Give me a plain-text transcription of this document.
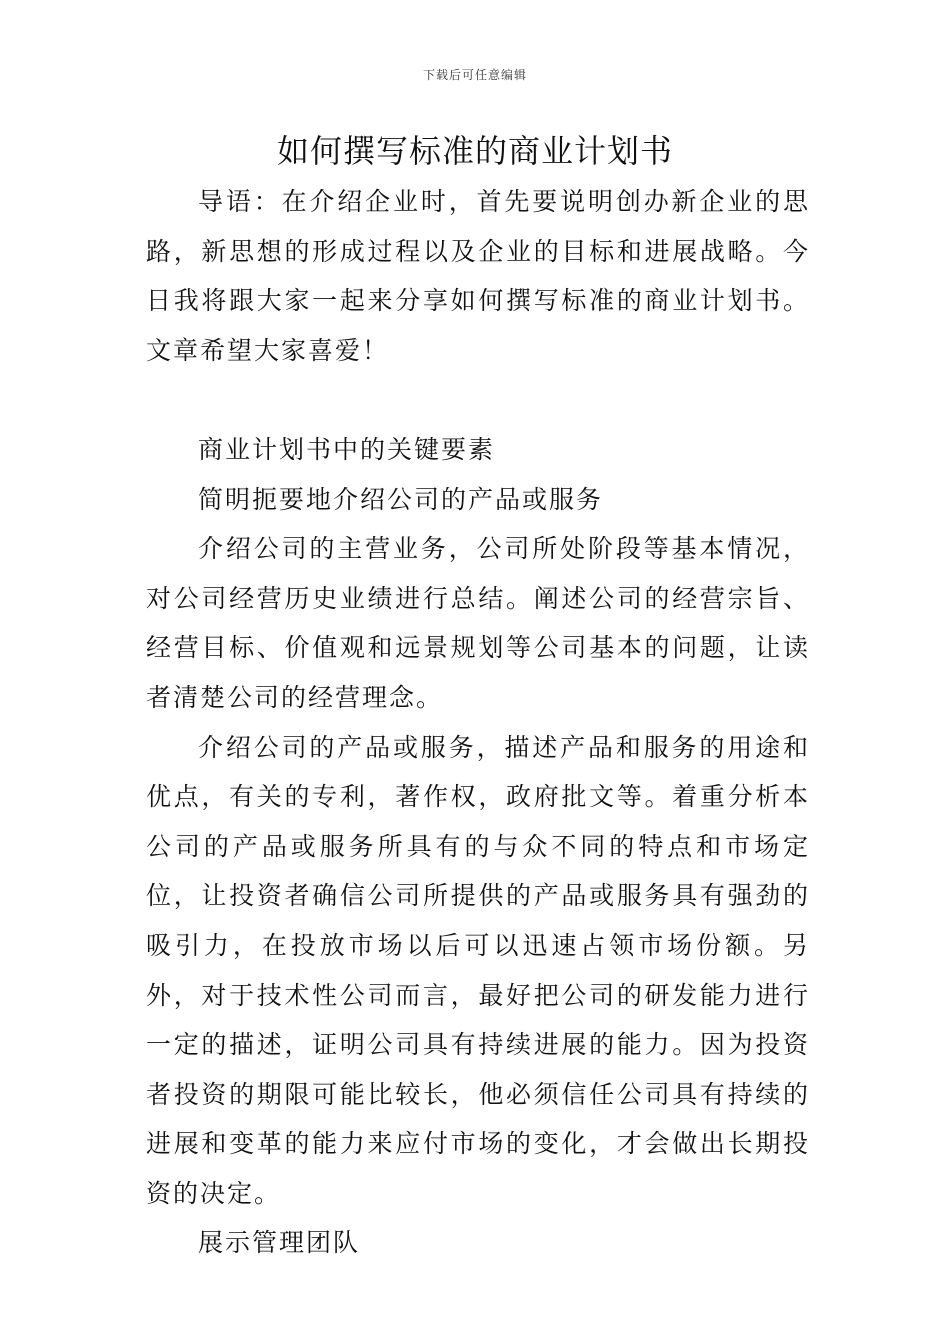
下载后可任意编辑
如何撰写标准的商业计划书

导语：在介绍企业时，首先要说明创办新企业的思路，新思想的形成过程以及企业的目标和进展战略。今日我将跟大家一起来分享如何撰写标准的商业计划书。文章希望大家喜爱！

商业计划书中的关键要素

简明扼要地介绍公司的产品或服务

介绍公司的主营业务，公司所处阶段等基本情况，对公司经营历史业绩进行总结。阐述公司的经营宗旨、经营目标、价值观和远景规划等公司基本的问题，让读者清楚公司的经营理念。

介绍公司的产品或服务，描述产品和服务的用途和优点，有关的专利，著作权，政府批文等。着重分析本公司的产品或服务所具有的与众不同的特点和市场定位，让投资者确信公司所提供的产品或服务具有强劲的吸引力，在投放市场以后可以迅速占领市场份额。另外，对于技术性公司而言，最好把公司的研发能力进行一定的描述，证明公司具有持续进展的能力。因为投资者投资的期限可能比较长，他必须信任公司具有持续的进展和变革的能力来应付市场的变化，才会做出长期投资的决定。

展示管理团队
